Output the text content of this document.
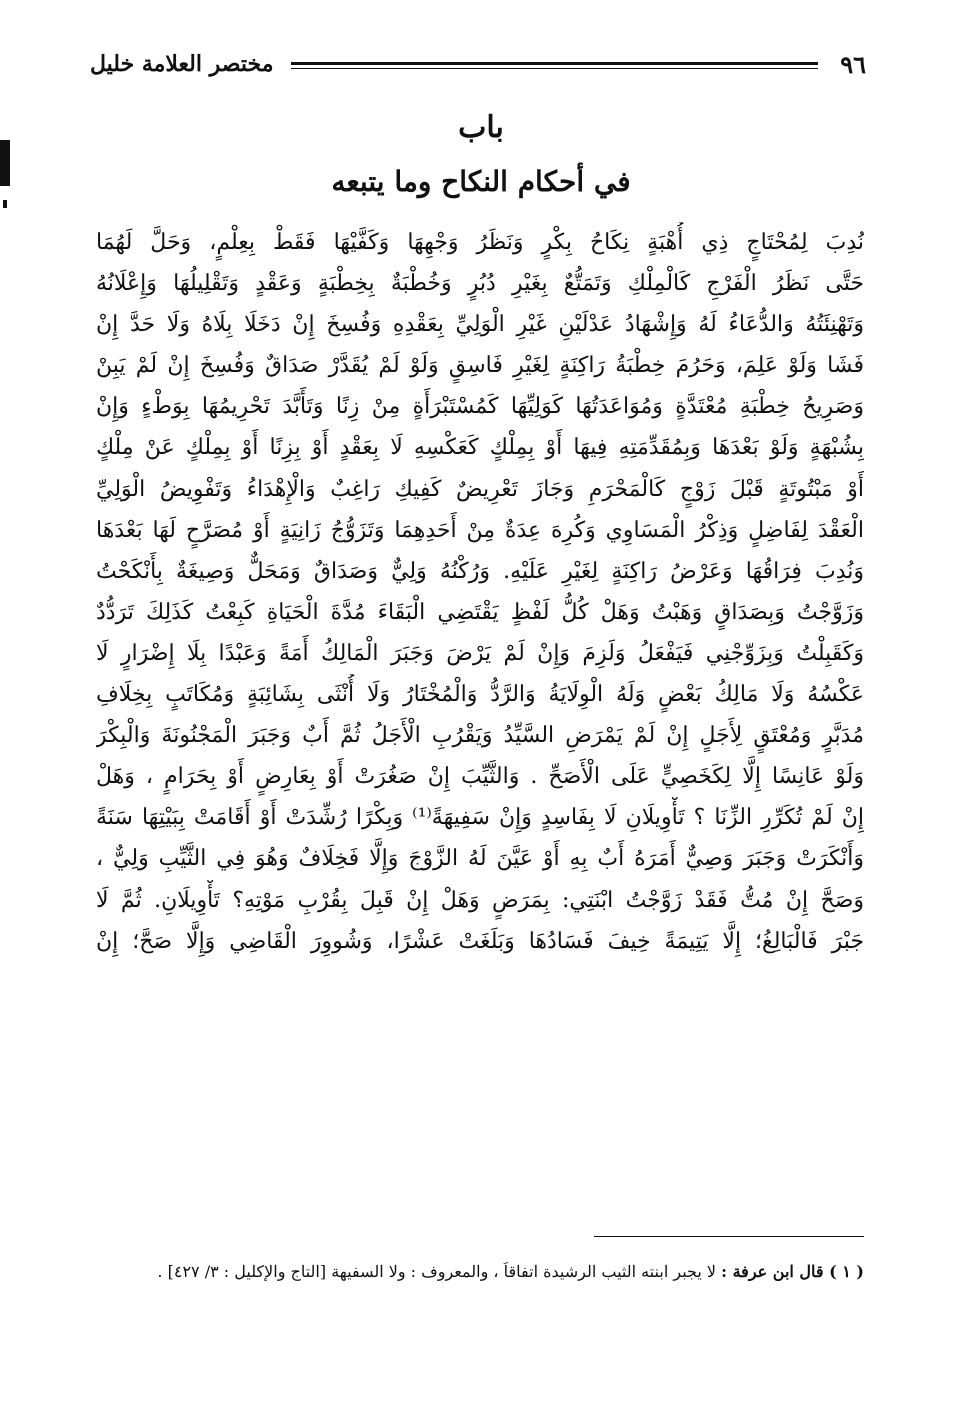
٩٦
مختصر العلامة خليل
باب
في أحكام النكاح وما يتبعه
نُدِبَ لِمُحْتَاجٍ ذِي أُهْبَةٍ نِكَاحُ بِكْرٍ وَنَظَرُ وَجْهِهَا وَكَفَّيْهَا فَقَطْ بِعِلْمٍ، وَحَلَّ لَهُمَا
حَتَّى نَظَرُ الْفَرْجِ كَالْمِلْكِ وَتَمَتُّعٌ بِغَيْرِ دُبُرٍ وَخُطْبَةٌ بِخِطْبَةٍ وَعَقْدٍ وَتَقْلِيلُهَا وَإِعْلَانُهُ
وَتَهْنِئَتُهُ وَالدُّعَاءُ لَهُ وَإِشْهَادُ عَدْلَيْنِ غَيْرِ الْوَلِيِّ بِعَقْدِهِ وَفُسِخَ إِنْ دَخَلَا بِلَاهُ وَلَا حَدَّ إِنْ
فَشَا وَلَوْ عَلِمَ، وَحَرُمَ خِطْبَةُ رَاكِنَةٍ لِغَيْرِ فَاسِقٍ وَلَوْ لَمْ يُقَدَّرْ صَدَاقٌ وَفُسِخَ إِنْ لَمْ يَبِنْ
وَصَرِيحُ خِطْبَةِ مُعْتَدَّةٍ وَمُوَاعَدَتُهَا كَوَلِيِّهَا كَمُسْتَبْرَأَةٍ مِنْ زِنًا وَتَأَبَّدَ تَحْرِيمُهَا بِوَطْءٍ وَإِنْ
بِشُبْهَةٍ وَلَوْ بَعْدَهَا وَبِمُقَدِّمَتِهِ فِيهَا أَوْ بِمِلْكٍ كَعَكْسِهِ لَا بِعَقْدٍ أَوْ بِزِنًا أَوْ بِمِلْكٍ عَنْ مِلْكٍ
أَوْ مَبْتُوتَةٍ قَبْلَ زَوْجٍ كَالْمَحْرَمِ وَجَازَ تَعْرِيضٌ كَفِيكِ رَاغِبٌ وَالْإِهْدَاءُ وَتَفْوِيضُ الْوَلِيِّ
الْعَقْدَ لِفَاضِلٍ وَذِكْرُ الْمَسَاوِي وَكُرِهَ عِدَةٌ مِنْ أَحَدِهِمَا وَتَزَوُّجُ زَانِيَةٍ أَوْ مُصَرَّحٍ لَهَا بَعْدَهَا
وَنُدِبَ فِرَاقُهَا وَعَرْضُ رَاكِنَةٍ لِغَيْرِ عَلَيْهِ. وَرُكْنُهُ وَلِيٌّ وَصَدَاقٌ وَمَحَلٌّ وَصِيغَةٌ بِأَنْكَحْتُ
وَزَوَّجْتُ وَبِصَدَاقٍ وَهَبْتُ وَهَلْ كُلُّ لَفْظٍ يَقْتَضِي الْبَقَاءَ مُدَّةَ الْحَيَاةِ كَبِعْتُ كَذَلِكَ تَرَدُّدٌ
وَكَقَبِلْتُ وَبِزَوِّجْنِي فَيَفْعَلُ وَلَزِمَ وَإِنْ لَمْ يَرْضَ وَجَبَرَ الْمَالِكُ أَمَةً وَعَبْدًا بِلَا إِضْرَارٍ لَا
عَكْسُهُ وَلَا مَالِكُ بَعْضٍ وَلَهُ الْوِلَايَةُ وَالرَّدُّ وَالْمُخْتَارُ وَلَا أُنْثَى بِشَائِبَةٍ وَمُكَاتَبٍ بِخِلَافِ
مُدَبَّرٍ وَمُعْتَقٍ لِأَجَلٍ إِنْ لَمْ يَمْرَضِ السَّيِّدُ وَيَقْرُبِ الْأَجَلُ ثُمَّ أَبٌ وَجَبَرَ الْمَجْنُونَةَ وَالْبِكْرَ
وَلَوْ عَانِسًا إِلَّا لِكَخَصِيٍّ عَلَى الْأَصَحِّ . وَالثَّيِّبَ إِنْ صَغُرَتْ أَوْ بِعَارِضٍ أَوْ بِحَرَامٍ ، وَهَلْ
إِنْ لَمْ تُكَرِّرِ الزِّنَا ؟ تَأْوِيلَانِ لَا بِفَاسِدٍ وَإِنْ سَفِيهَةً⁽¹⁾ وَبِكْرًا رُشِّدَتْ أَوْ أَقَامَتْ بِبَيْتِهَا سَنَةً
وَأَنْكَرَتْ وَجَبَرَ وَصِيٌّ أَمَرَهُ أَبٌ بِهِ أَوْ عَيَّنَ لَهُ الزَّوْجَ وَإِلَّا فَخِلَافٌ وَهُوَ فِي الثَّيِّبِ وَلِيٌّ ،
وَصَحَّ إِنْ مُتُّ فَقَدْ زَوَّجْتُ ابْنَتِي: بِمَرَضٍ وَهَلْ إِنْ قَبِلَ بِقُرْبِ مَوْتِهِ؟ تَأْوِيلَانِ. ثُمَّ لَا
جَبْرَ فَالْبَالِغُ؛ إِلَّا يَتِيمَةً خِيفَ فَسَادُهَا وَبَلَغَتْ عَشْرًا، وَشُووِرَ الْقَاضِي وَإِلَّا صَحَّ؛ إِنْ
( ١ ) قال ابن عرفة : لا يجبر ابنته الثيب الرشيدة اتفاقاً ، والمعروف : ولا السفيهة [التاج والإكليل : ٣/ ٤٢٧] .
